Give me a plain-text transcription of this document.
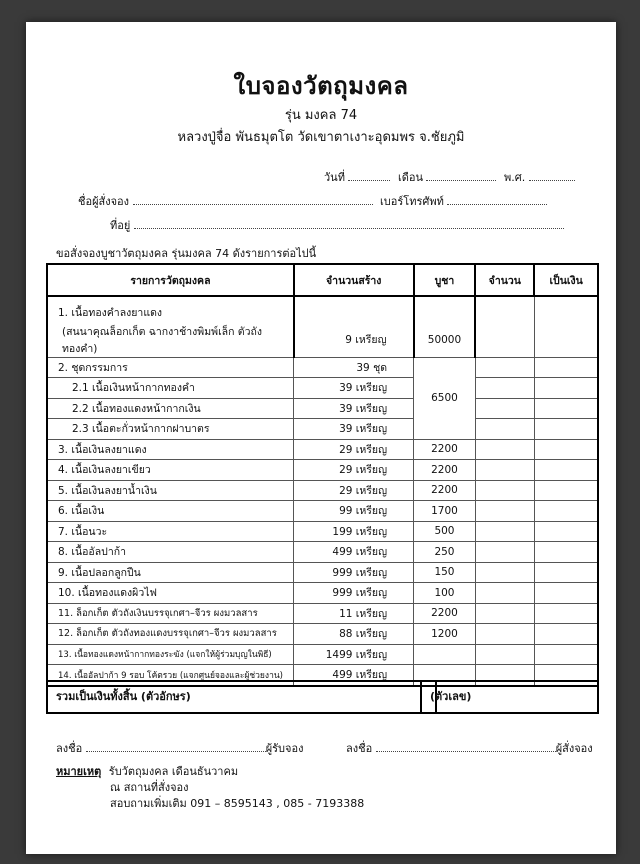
ใบจองวัตถุมงคล
รุ่น มงคล 74
หลวงปู่จื่อ พันธมุตโต วัดเขาตาเงาะอุดมพร จ.ชัยภูมิ
วันที่	เดือน	พ.ศ.
ชื่อผู้สั่งจอง	เบอร์โทรศัพท์
ที่อยู่
ขอสั่งจองบูชาวัตถุมงคล รุ่นมงคล 74 ดังรายการต่อไปนี้
รายการวัตถุมงคล	จำนวนสร้าง	บูชา	จำนวน	เป็นเงิน
1. เนื้อทองคำลงยาแดง				
(สนนาคุณล็อกเก็ต ฉากงาช้างพิมพ์เล็ก ตัวถังทองคำ)	9 เหรียญ	50000		
2. ชุดกรรมการ	39 ชุด	6500		
2.1 เนื้อเงินหน้ากากทองคำ	39 เหรียญ			
2.2 เนื้อทองแดงหน้ากากเงิน	39 เหรียญ			
2.3 เนื้อตะกั่วหน้ากากฝาบาตร	39 เหรียญ			
3. เนื้อเงินลงยาแดง	29 เหรียญ	2200		
4. เนื้อเงินลงยาเขียว	29 เหรียญ	2200		
5. เนื้อเงินลงยาน้ำเงิน	29 เหรียญ	2200		
6. เนื้อเงิน	99 เหรียญ	1700		
7. เนื้อนวะ	199 เหรียญ	500		
8. เนื้ออัลปาก้า	499 เหรียญ	250		
9. เนื้อปลอกลูกปืน	999 เหรียญ	150		
10. เนื้อทองแดงผิวไฟ	999 เหรียญ	100		
11. ล็อกเก็ต ตัวถังเงินบรรจุเกศา–จีวร ผงมวลสาร	11 เหรียญ	2200		
12. ล็อกเก็ต ตัวถังทองแดงบรรจุเกศา–จีวร ผงมวลสาร	88 เหรียญ	1200		
13. เนื้อทองแดงหน้ากากทองระฆัง (แจกให้ผู้ร่วมบุญในพิธี)	1499 เหรียญ			
14. เนื้ออัลปาก้า 9 รอบ โค้ตรวย (แจกศูนย์จองและผู้ช่วยงาน)	499 เหรียญ			
รวมเป็นเงินทั้งสิ้น (ตัวอักษร)	(ตัวเลข)
ลงชื่อ	ผู้รับจอง	ลงชื่อ	ผู้สั่งจอง
หมายเหตุ รับวัตถุมงคล เดือนธันวาคม
ณ สถานที่สั่งจอง
สอบถามเพิ่มเติม 091 – 8595143 , 085 - 7193388
